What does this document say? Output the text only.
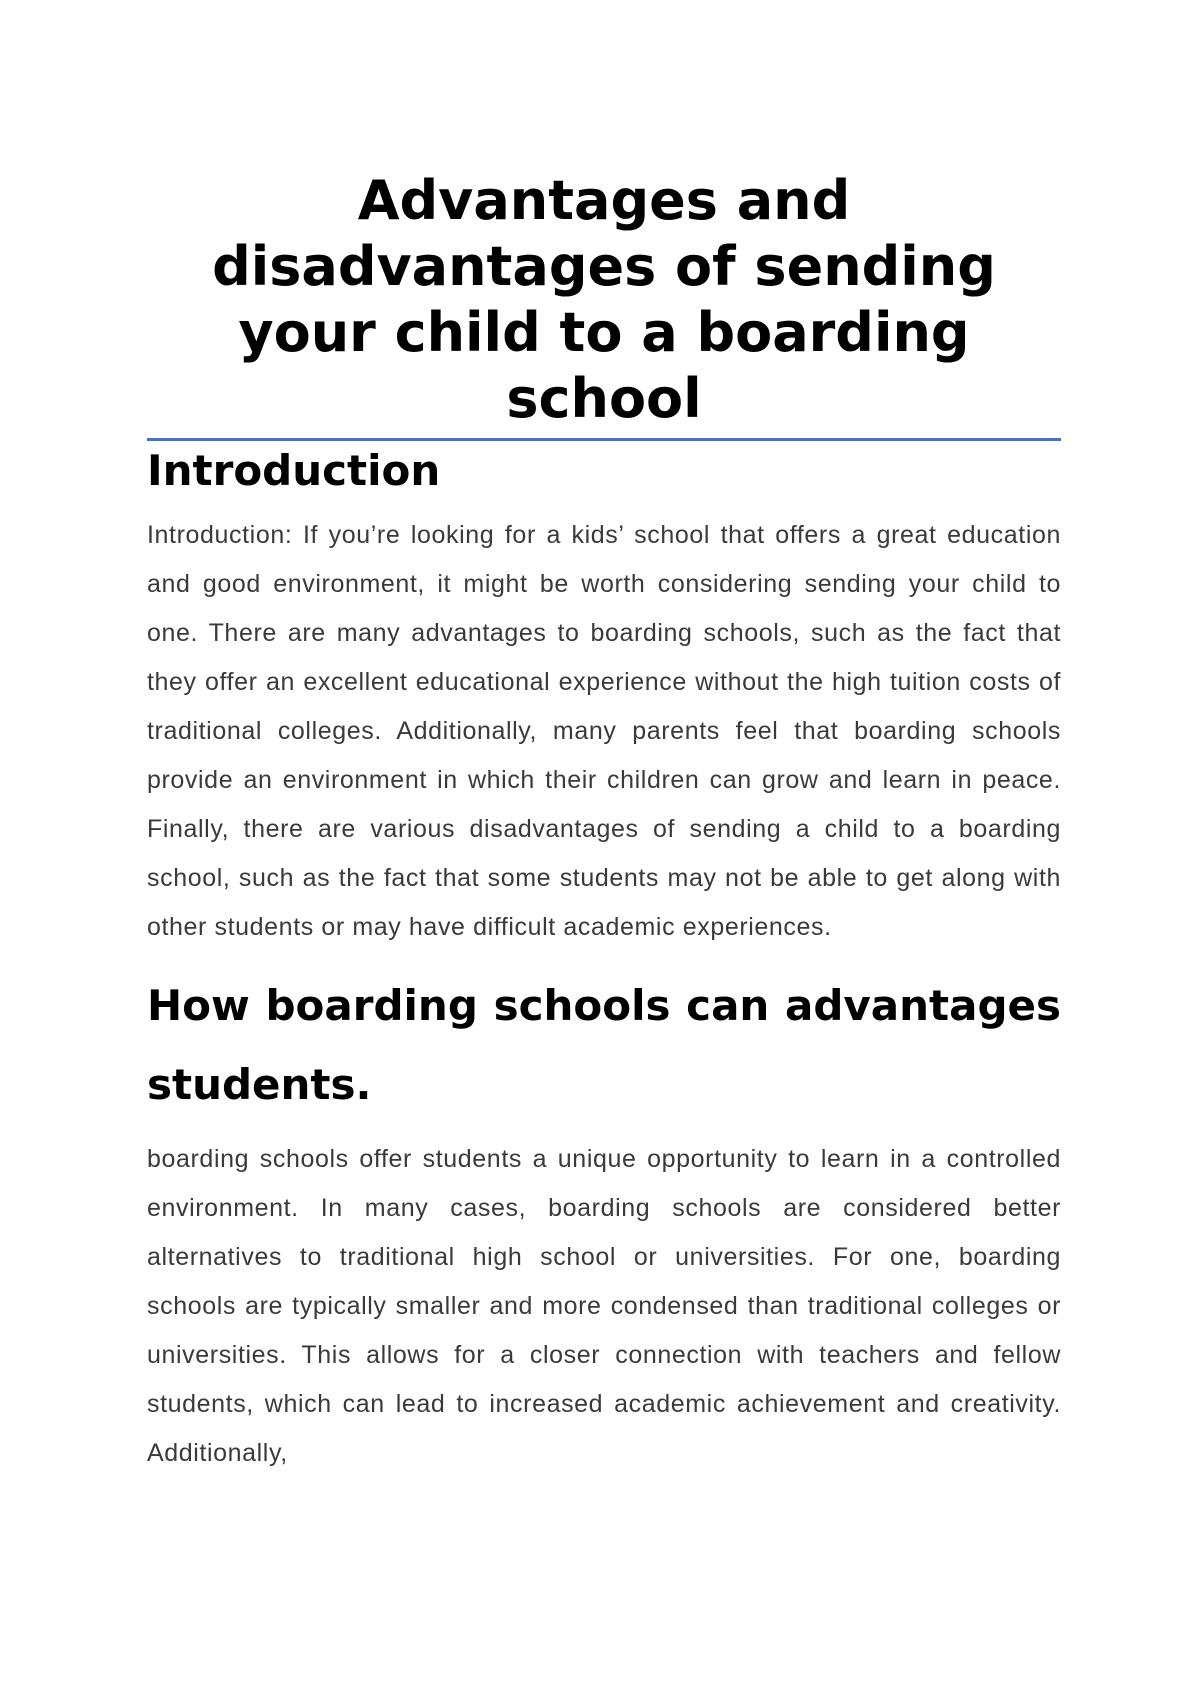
Advantages and disadvantages of sending your child to a boarding school
Introduction

Introduction: If you’re looking for a kids’ school that offers a great education and good environment, it might be worth considering sending your child to one. There are many advantages to boarding schools, such as the fact that they offer an excellent educational experience without the high tuition costs of traditional colleges. Additionally, many parents feel that boarding schools provide an environment in which their children can grow and learn in peace. Finally, there are various disadvantages of sending a child to a boarding school, such as the fact that some students may not be able to get along with other students or may have difficult academic experiences.

How boarding schools can advantages students.

boarding schools offer students a unique opportunity to learn in a controlled environment. In many cases, boarding schools are considered better alternatives to traditional high school or universities. For one, boarding schools are typically smaller and more condensed than traditional colleges or universities. This allows for a closer connection with teachers and fellow students, which can lead to increased academic achievement and creativity. Additionally,
